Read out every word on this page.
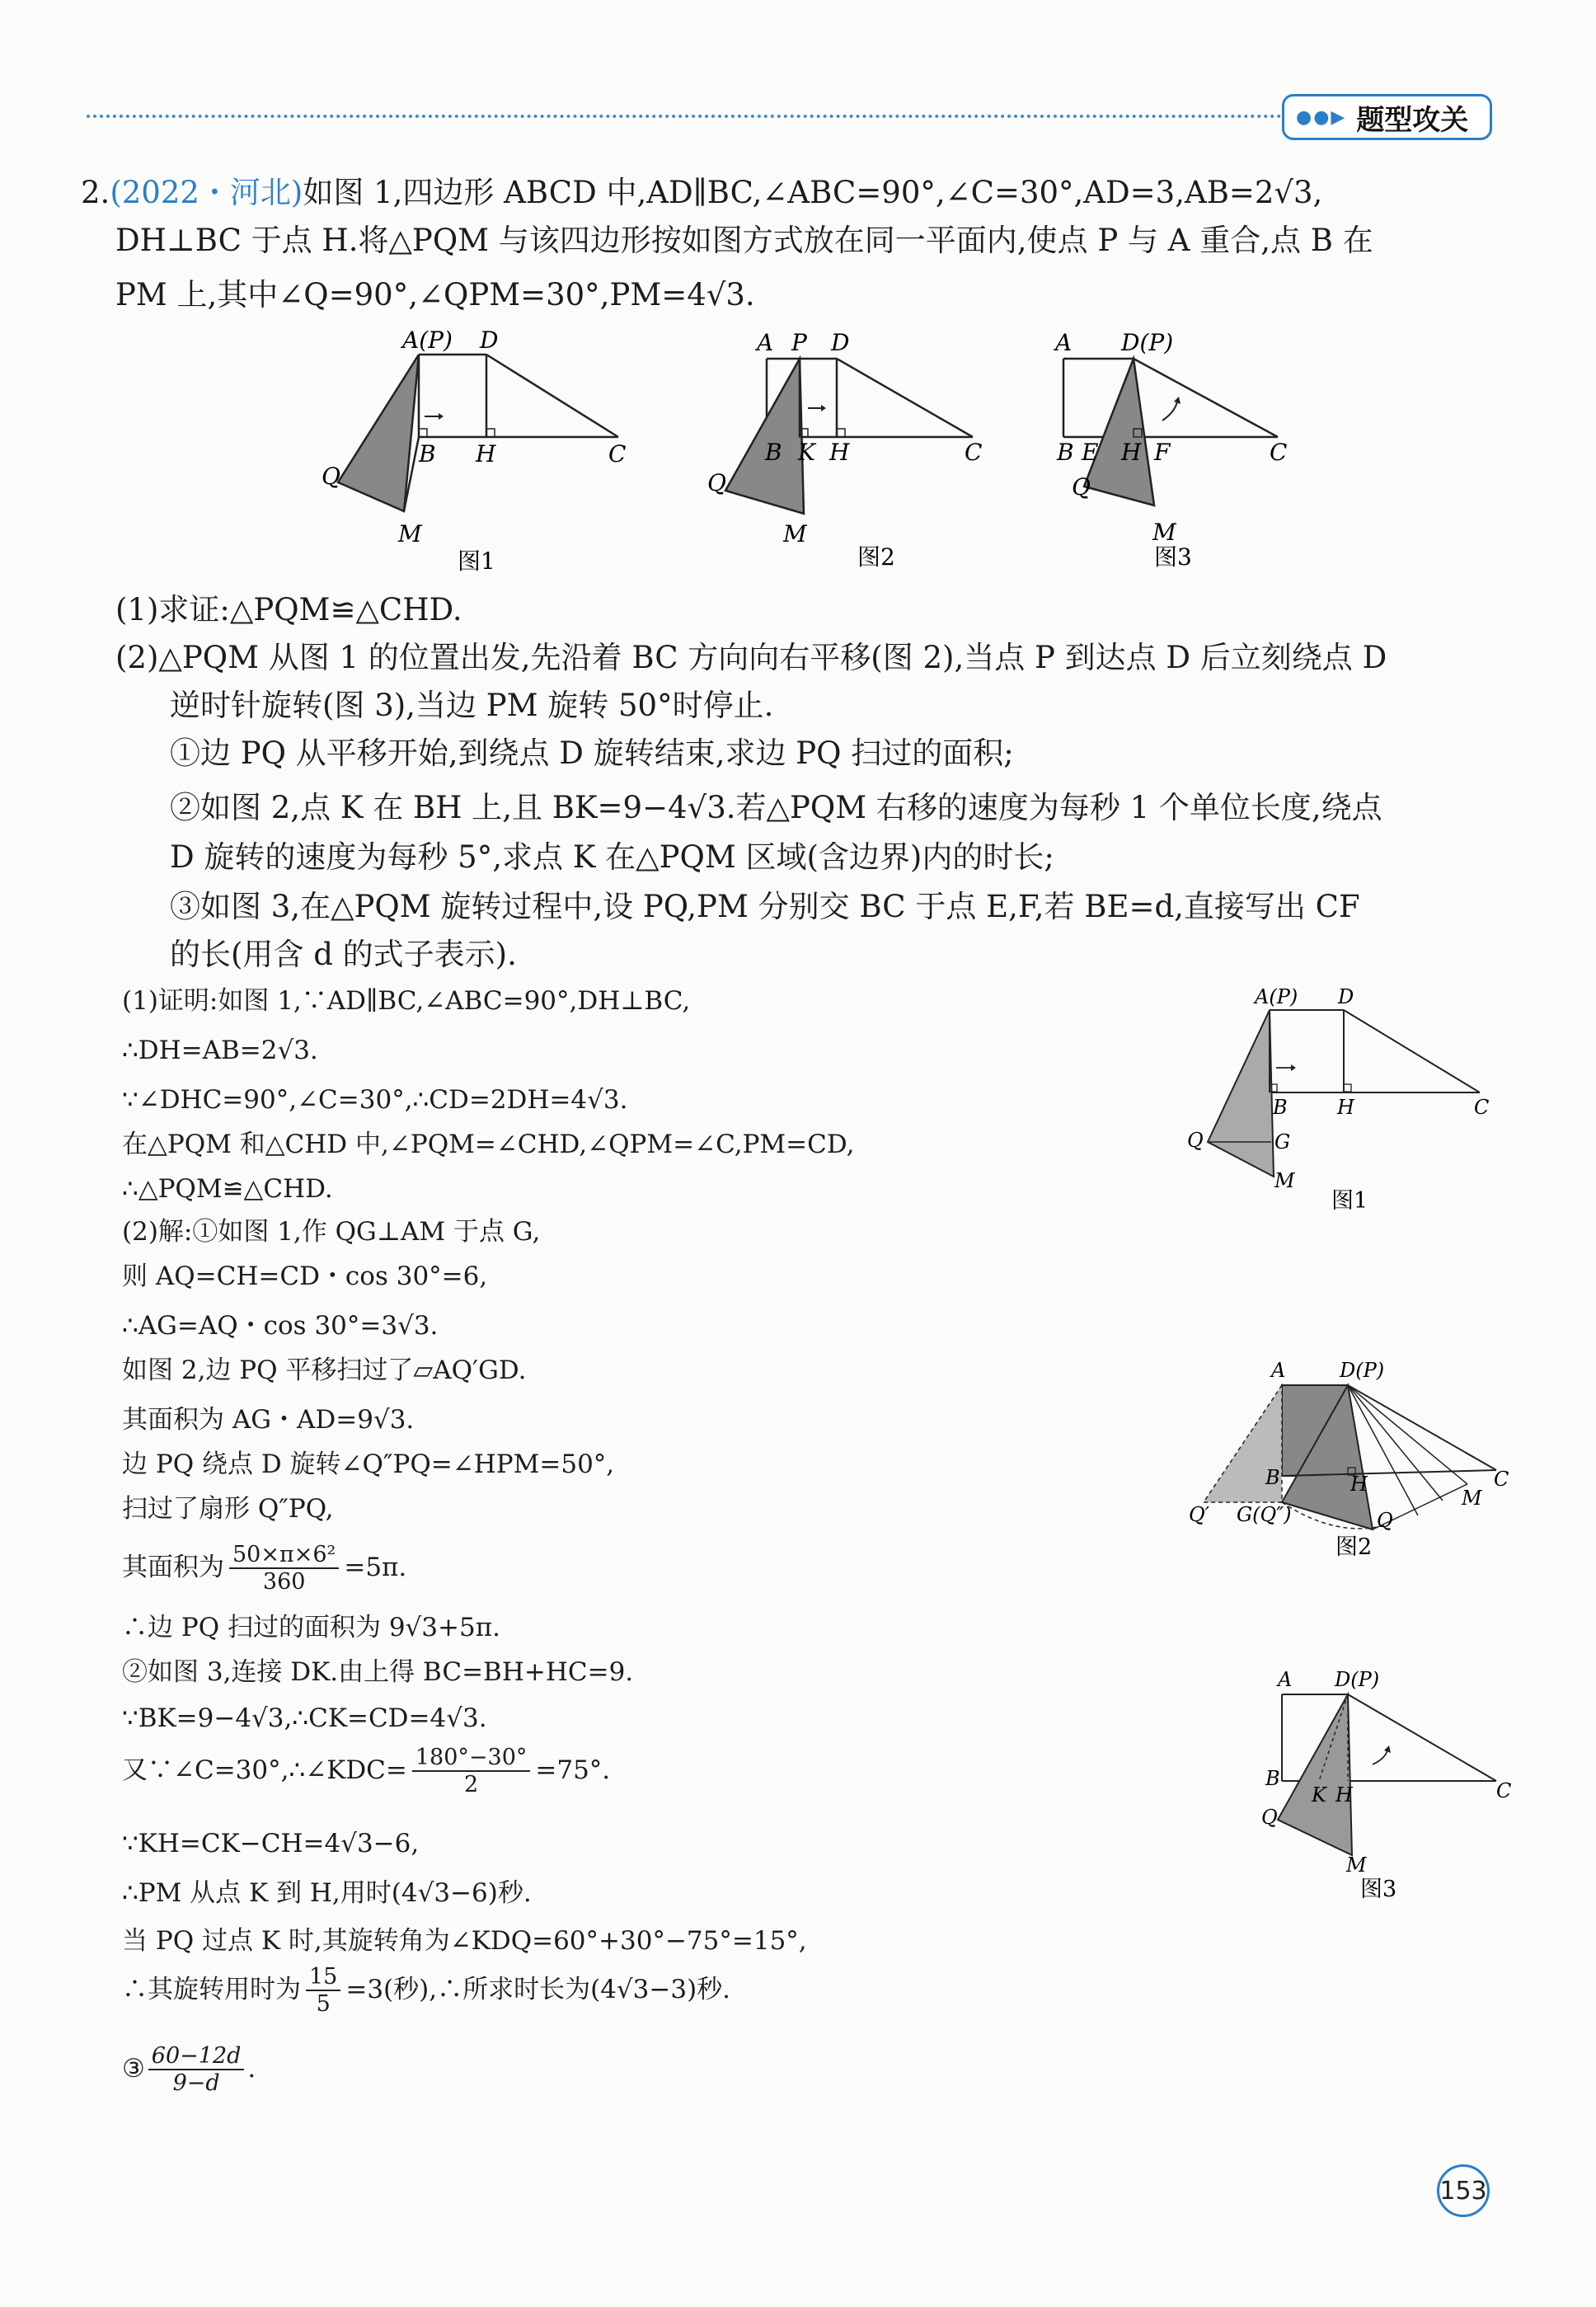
●●▶ 题型攻关
2.(2022・河北)如图 1,四边形 ABCD 中,AD∥BC,∠ABC=90°,∠C=30°,AD=3,AB=2√3,
DH⊥BC 于点 H.将△PQM 与该四边形按如图方式放在同一平面内,使点 P 与 A 重合,点 B 在
PM 上,其中∠Q=90°,∠QPM=30°,PM=4√3.
A(P) D
B H	C
Q
M
图1
A P D
B K H	C
Q
M
图2
A D(P)
B E H F	C
Q
M
图3
(1)求证:△PQM≌△CHD.
(2)△PQM 从图 1 的位置出发,先沿着 BC 方向向右平移(图 2),当点 P 到达点 D 后立刻绕点 D
逆时针旋转(图 3),当边 PM 旋转 50°时停止.
①边 PQ 从平移开始,到绕点 D 旋转结束,求边 PQ 扫过的面积;
②如图 2,点 K 在 BH 上,且 BK=9−4√3.若△PQM 右移的速度为每秒 1 个单位长度,绕点
D 旋转的速度为每秒 5°,求点 K 在△PQM 区域(含边界)内的时长;
③如图 3,在△PQM 旋转过程中,设 PQ,PM 分别交 BC 于点 E,F,若 BE=d,直接写出 CF
的长(用含 d 的式子表示).
(1)证明:如图 1,∵AD∥BC,∠ABC=90°,DH⊥BC,
∴DH=AB=2√3.
∵∠DHC=90°,∠C=30°,∴CD=2DH=4√3.
在△PQM 和△CHD 中,∠PQM=∠CHD,∠QPM=∠C,PM=CD,
∴△PQM≌△CHD.
(2)解:①如图 1,作 QG⊥AM 于点 G,
则 AQ=CH=CD・cos 30°=6,
∴AG=AQ・cos 30°=3√3.
如图 2,边 PQ 平移扫过了▱AQ′GD.
其面积为 AG・AD=9√3.
边 PQ 绕点 D 旋转∠Q″PQ=∠HPM=50°,
扫过了扇形 Q″PQ,
其面积为 $\frac{\text{50×π×6²}}{360} =5\pi$.
∴边 PQ 扫过的面积为 9√3+5π.
②如图 3,连接 DK.由上得 BC=BH+HC=9.
∵BK=9−4√3,∴CK=CD=4√3.
又∵∠C=30°,∴∠KDC= $\frac{180^\circ-30^\circ}{2} =75^\circ$.
∵KH=CK−CH=4√3−6,
∴PM 从点 K 到 H,用时(4√3−6)秒.
当 PQ 过点 K 时,其旋转角为∠KDQ=60°+30°−75°=15°,
∴其旋转用时为 $\frac{15}{5} =3$(秒),∴所求时长为(4√3−3)秒.
③ $\frac{60-12d}{9-d}$ .
A(P) D
B	H	C
Q	G
M
图1
A	D(P)
B	H	C
Q′ G(Q″)	Q
M
图2
A D(P)
B
K H	C
Q
M
图3
153
